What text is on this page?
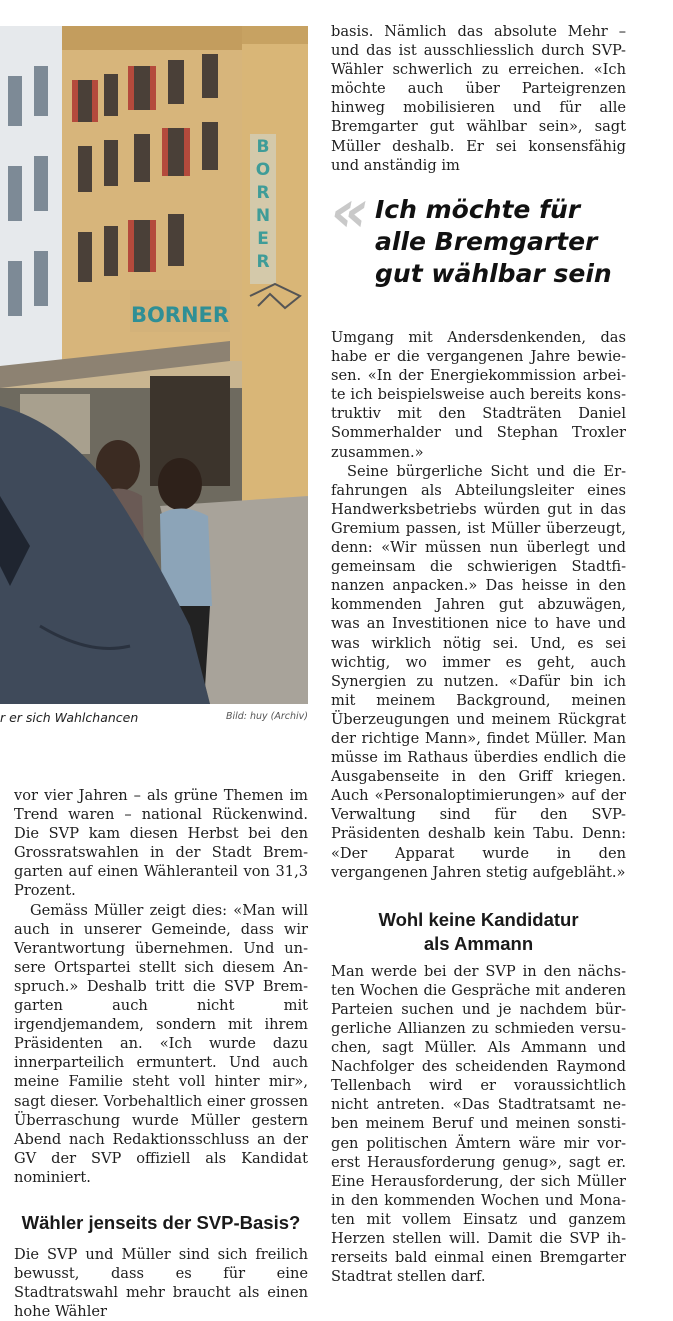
B
O
R
N
E
R
BORNER
r er sich Wahlchancen	Bild: huy (Archiv)

vor vier Jahren – als grüne Themen im Trend waren – national Rückenwind. Die SVP kam diesen Herbst bei den Grossratswahlen in der Stadt Bremgarten auf einen Wähleranteil von 31,3 Prozent.

Gemäss Müller zeigt dies: «Man will auch in unserer Gemeinde, dass wir Verantwortung übernehmen. Und unsere Ortspartei stellt sich diesem Anspruch.» Deshalb tritt die SVP Bremgarten auch nicht mit irgendjemandem, sondern mit ihrem Präsidenten an. «Ich wurde dazu innerparteilich ermuntert. Und auch meine Familie steht voll hinter mir», sagt dieser. Vorbehaltlich einer grossen Überraschung wurde Müller gestern Abend nach Redaktionsschluss an der GV der SVP offiziell als Kandidat nominiert.

Wähler jenseits der SVP-Basis?

Die SVP und Müller sind sich freilich bewusst, dass es für eine Stadtratswahl mehr braucht als einen hohe Wähler

basis. Nämlich das absolute Mehr – und das ist ausschliesslich durch SVP-Wähler schwerlich zu erreichen. «Ich möchte auch über Parteigrenzen hinweg mobilisieren und für alle Bremgarter gut wählbar sein», sagt Müller deshalb. Er sei konsensfähig und anständig im

« Ich möchte für
alle Bremgarter
gut wählbar sein

Umgang mit Andersdenkenden, das habe er die vergangenen Jahre bewiesen. «In der Energiekommission arbeite ich beispielsweise auch bereits konstruktiv mit den Stadträten Daniel Sommerhalder und Stephan Troxler zusammen.»

Seine bürgerliche Sicht und die Erfahrungen als Abteilungsleiter eines Handwerksbetriebs würden gut in das Gremium passen, ist Müller überzeugt, denn: «Wir müssen nun überlegt und gemeinsam die schwierigen Stadtfinanzen anpacken.» Das heisse in den kommenden Jahren gut abzuwägen, was an Investitionen nice to have und was wirklich nötig sei. Und, es sei wichtig, wo immer es geht, auch Synergien zu nutzen. «Dafür bin ich mit meinem Background, meinen Überzeugungen und meinem Rückgrat der richtige Mann», findet Müller. Man müsse im Rathaus überdies endlich die Ausgabenseite in den Griff kriegen. Auch «Personaloptimierungen» auf der Verwaltung sind für den SVP-Präsidenten deshalb kein Tabu. Denn: «Der Apparat wurde in den vergangenen Jahren stetig aufgebläht.»

Wohl keine Kandidatur
als Ammann

Man werde bei der SVP in den nächsten Wochen die Gespräche mit anderen Parteien suchen und je nachdem bürgerliche Allianzen zu schmieden versuchen, sagt Müller. Als Ammann und Nachfolger des scheidenden Raymond Tellenbach wird er voraussichtlich nicht antreten. «Das Stadtratsamt neben meinem Beruf und meinen sonstigen politischen Ämtern wäre mir vorerst Herausforderung genug», sagt er. Eine Herausforderung, der sich Müller in den kommenden Wochen und Monaten mit vollem Einsatz und ganzem Herzen stellen will. Damit die SVP ihrerseits bald einmal einen Bremgarter Stadtrat stellen darf.
